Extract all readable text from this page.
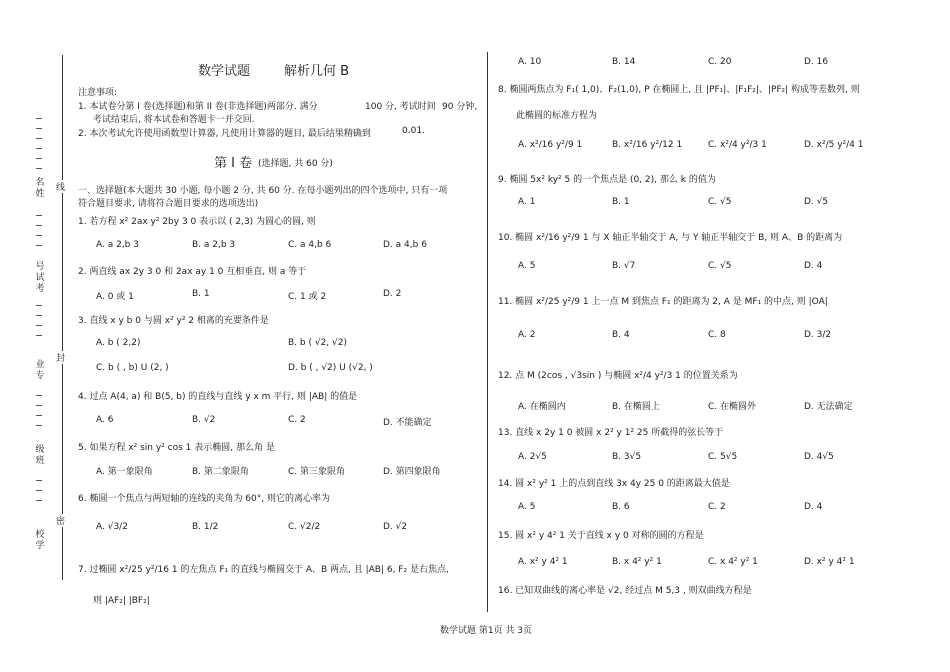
名姓
号试考
业专
级班
校学
线
封
密
数学试题	解析几何 B
注意事项:
1. 本试卷分第 I 卷(选择题)和第 II 卷(非选择题)两部分. 满分	100 分, 考试时间 90 分钟,
考试结束后, 将本试卷和答题卡一并交回.
2. 本次考试允许使用函数型计算器, 凡使用计算器的题目, 最后结果精确到	0.01.
第 I 卷 (选择题, 共 60 分)
一、选择题(本大题共 30 小题, 每小题 2 分, 共 60 分. 在每小题列出的四个选项中, 只有一项
符合题目要求, 请将符合题目要求的选项选出)
1. 若方程 x² 2ax y² 2by 3 0 表示以 ( 2,3) 为圆心的圆, 则
A. a 2,b 3	B. a 2,b 3	C. a 4,b 6	D. a 4,b 6
2. 两直线 ax 2y 3 0 和 2ax ay 1 0 互相垂直, 则 a 等于
A. 0 或 1	B. 1	C. 1 或 2	D. 2
3. 直线 x y b 0 与圆 x² y² 2 相离的充要条件是
A. b ( 2,2)	B. b ( √2, √2)
C. b ( , b) U (2, )	D. b ( , √2) U (√2, )
4. 过点 A(4, a) 和 B(5, b) 的直线与直线 y x m 平行, 则 |AB| 的值是
A. 6	B. √2	C. 2	D. 不能确定
5. 如果方程 x² sin y² cos 1 表示椭圆, 那么角 是
A. 第一象限角	B. 第二象限角	C. 第三象限角	D. 第四象限角
6. 椭圆一个焦点与两短轴的连线的夹角为 60°, 则它的离心率为
A. √3/2	B. 1/2	C. √2/2	D. √2
7. 过椭圆 x²/25 y²/16 1 的左焦点 F₁ 的直线与椭圆交于 A、B 两点, 且 |AB| 6, F₂ 是右焦点,
则 |AF₂| |BF₂|
A. 10	B. 14	C. 20	D. 16
8. 椭圆两焦点为 F₁( 1,0)、F₂(1,0), P 在椭圆上, 且 |PF₁|、|F₁F₂|、|PF₂| 构成等差数列, 则
此椭圆的标准方程为
A. x²/16 y²/9 1	B. x²/16 y²/12 1	C. x²/4 y²/3 1	D. x²/5 y²/4 1
9. 椭圆 5x² ky² 5 的一个焦点是 (0, 2), 那么 k 的值为
A. 1	B. 1	C. √5	D. √5
10. 椭圆 x²/16 y²/9 1 与 X 轴正半轴交于 A, 与 Y 轴正半轴交于 B, 则 A、B 的距离为
A. 5	B. √7	C. √5	D. 4
11. 椭圆 x²/25 y²/9 1 上一点 M 到焦点 F₁ 的距离为 2, A 是 MF₁ 的中点, 则 |OA|
A. 2	B. 4	C. 8	D. 3/2
12. 点 M (2cos , √3sin ) 与椭圆 x²/4 y²/3 1 的位置关系为
A. 在椭圆内	B. 在椭圆上	C. 在椭圆外	D. 无法确定
13. 直线 x 2y 1 0 被圆 x 2² y 1² 25 所截得的弦长等于
A. 2√5	B. 3√5	C. 5√5	D. 4√5
14. 圆 x² y² 1 上的点到直线 3x 4y 25 0 的距离最大值是
A. 5	B. 6	C. 2	D. 4
15. 圆 x² y 4² 1 关于直线 x y 0 对称的圆的方程是
A. x² y 4² 1	B. x 4² y² 1	C. x 4² y² 1	D. x² y 4² 1
16. 已知双曲线的离心率是 √2, 经过点 M 5,3 , 则双曲线方程是
数学试题 第1页 共 3页
